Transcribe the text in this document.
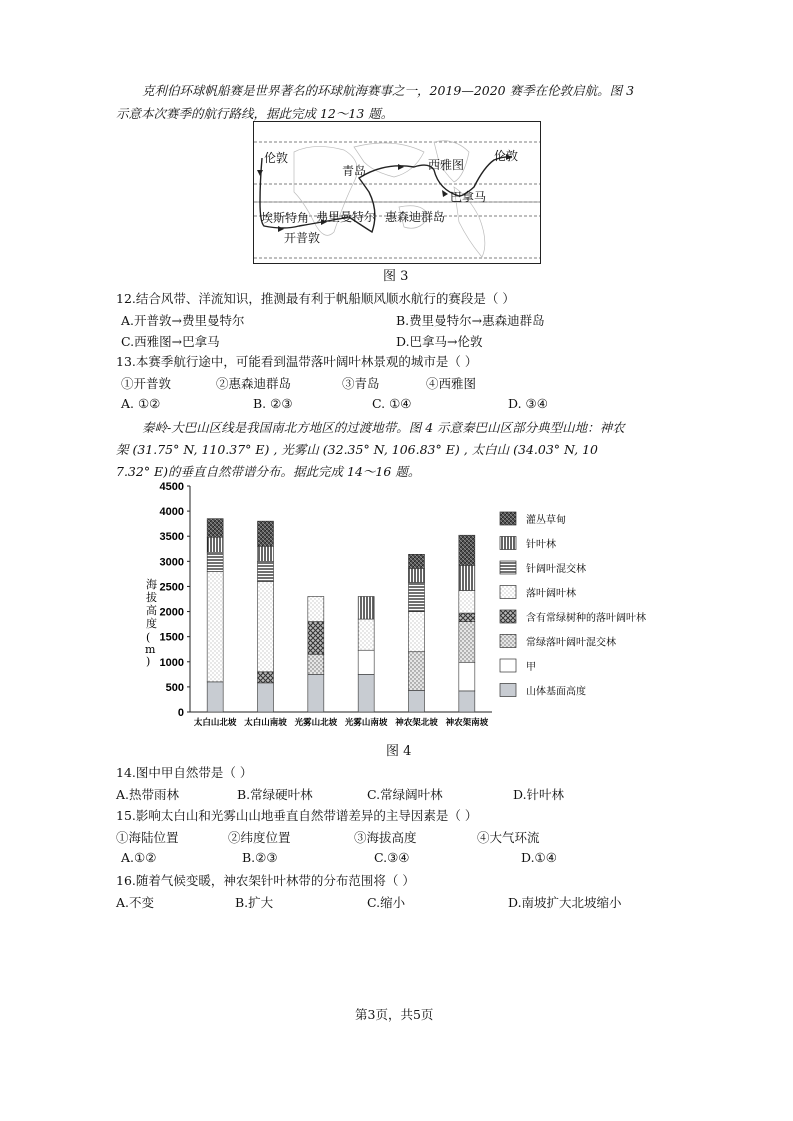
克利伯环球帆船赛是世界著名的环球航海赛事之一，2019—2020 赛季在伦敦启航。图 3
示意本次赛季的航行路线，据此完成 12～13 题。
伦敦
青岛	西雅图
伦敦
巴拿马
埃斯特角 弗里曼特尔 惠森迪群岛
开普敦
图 3
12.结合风带、洋流知识，推测最有利于帆船顺风顺水航行的赛段是（ ）
A.开普敦→费里曼特尔	B.费里曼特尔→惠森迪群岛
C.西雅图→巴拿马	D.巴拿马→伦敦
13.本赛季航行途中，可能看到温带落叶阔叶林景观的城市是（ ）
①开普敦	②惠森迪群岛	③青岛	④西雅图
A. ①②	B. ②③	C. ①④	D. ③④
秦岭-大巴山区线是我国南北方地区的过渡地带。图 4 示意秦巴山区部分典型山地：神农
架 (31.75° N, 110.37° E) , 光雾山 (32.35° N, 106.83° E) , 太白山 (34.03° N, 10
7.32° E)的垂直自然带谱分布。据此完成 14～16 题。
海
拔
高
度
(
m
)
0
500
1000
1500
2000
2500
3000
3500
4000
4500
太白山北坡 太白山南坡 光雾山北坡 光雾山南坡 神农架北坡 神农架南坡
灌丛草甸
针叶林
针阔叶混交林
落叶阔叶林
含有常绿树种的落叶阔叶林
常绿落叶阔叶混交林
甲
山体基面高度
图 4
14.图中甲自然带是（ ）
A.热带雨林	B.常绿硬叶林	C.常绿阔叶林	D.针叶林
15.影响太白山和光雾山山地垂直自然带谱差异的主导因素是（ ）
①海陆位置	②纬度位置	③海拔高度	④大气环流
A.①②	B.②③	C.③④	D.①④
16.随着气候变暖，神农架针叶林带的分布范围将（ ）
A.不变	B.扩大	C.缩小	D.南坡扩大北坡缩小
第3页，共5页
